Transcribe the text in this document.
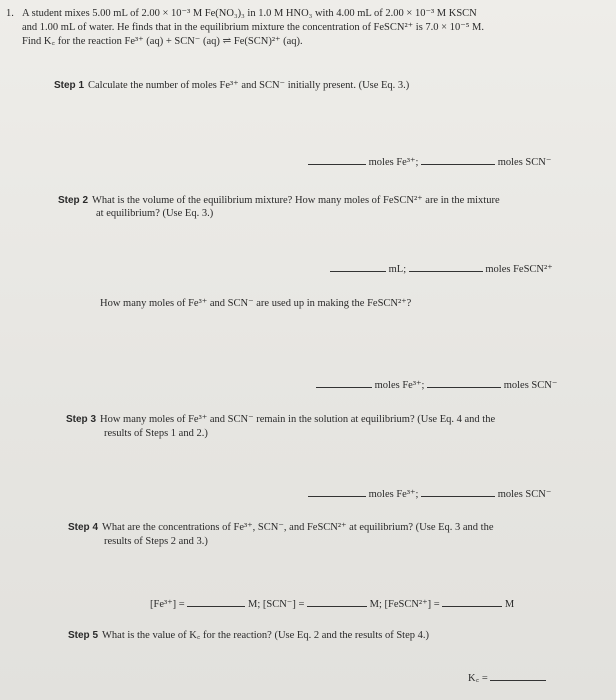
1. A student mixes 5.00 mL of 2.00 × 10⁻³ M Fe(NO₃)₃ in 1.0 M HNO₃ with 4.00 mL of 2.00 × 10⁻³ M KSCN
and 1.00 mL of water. He finds that in the equilibrium mixture the concentration of FeSCN²⁺ is 7.0 × 10⁻⁵ M.
Find K꜀ for the reaction Fe³⁺ (aq) + SCN⁻ (aq) ⇌ Fe(SCN)²⁺ (aq).
Step 1 Calculate the number of moles Fe³⁺ and SCN⁻ initially present. (Use Eq. 3.)
moles Fe³⁺;	moles SCN⁻
Step 2 What is the volume of the equilibrium mixture? How many moles of FeSCN²⁺ are in the mixture
at equilibrium? (Use Eq. 3.)
mL;	moles FeSCN²⁺
How many moles of Fe³⁺ and SCN⁻ are used up in making the FeSCN²⁺?
moles Fe³⁺;	moles SCN⁻
Step 3 How many moles of Fe³⁺ and SCN⁻ remain in the solution at equilibrium? (Use Eq. 4 and the
results of Steps 1 and 2.)
moles Fe³⁺;	moles SCN⁻
Step 4 What are the concentrations of Fe³⁺, SCN⁻, and FeSCN²⁺ at equilibrium? (Use Eq. 3 and the
results of Steps 2 and 3.)
[Fe³⁺] =	M; [SCN⁻] =	M; [FeSCN²⁺] =	M
Step 5 What is the value of K꜀ for the reaction? (Use Eq. 2 and the results of Step 4.)
K꜀ =
